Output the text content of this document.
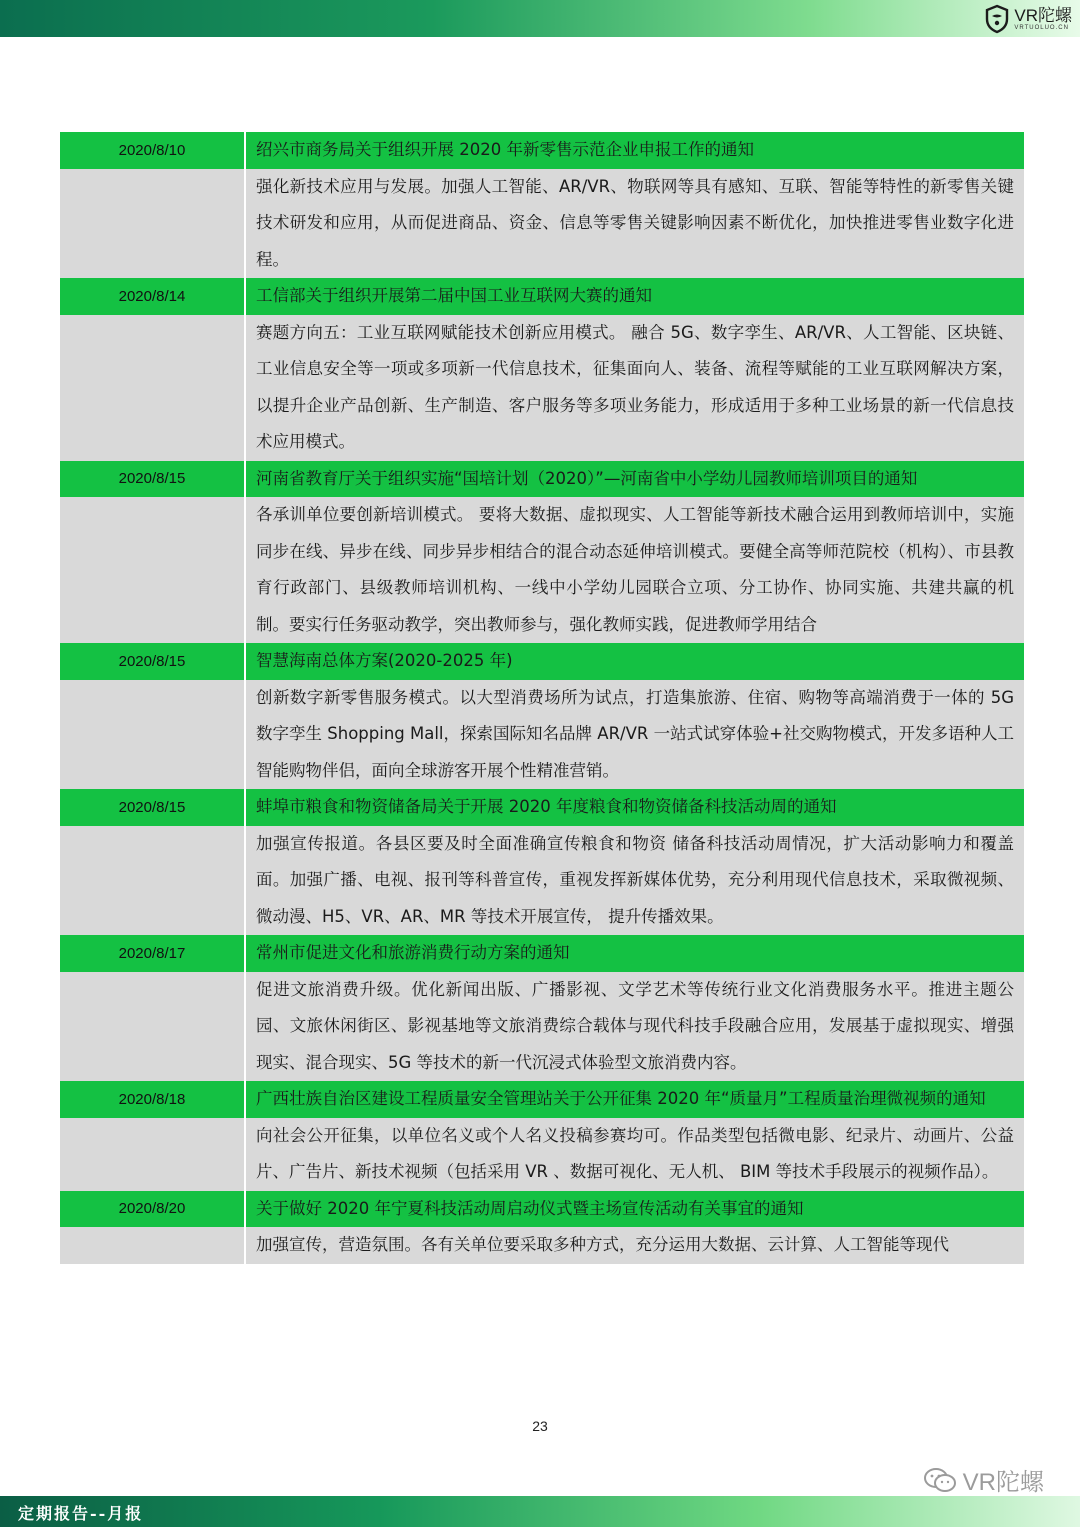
VR陀螺
VRTUOLUO.CN
2020/8/10	绍兴市商务局关于组织开展 2020 年新零售示范企业申报工作的通知
强化新技术应用与发展。加强人工智能、AR/VR、物联网等具有感知、互联、智能等特性的新零售关键技术研发和应用，从而促进商品、资金、信息等零售关键影响因素不断优化，加快推进零售业数字化进程。
2020/8/14	工信部关于组织开展第二届中国工业互联网大赛的通知
赛题方向五：工业互联网赋能技术创新应用模式。 融合 5G、数字孪生、AR/VR、人工智能、区块链、工业信息安全等一项或多项新一代信息技术，征集面向人、装备、流程等赋能的工业互联网解决方案，以提升企业产品创新、生产制造、客户服务等多项业务能力，形成适用于多种工业场景的新一代信息技术应用模式。
2020/8/15	河南省教育厅关于组织实施“国培计划（2020）”—河南省中小学幼儿园教师培训项目的通知
各承训单位要创新培训模式。 要将大数据、虚拟现实、人工智能等新技术融合运用到教师培训中，实施同步在线、异步在线、同步异步相结合的混合动态延伸培训模式。要健全高等师范院校（机构）、市县教育行政部门、县级教师培训机构、一线中小学幼儿园联合立项、分工协作、协同实施、共建共赢的机制。要实行任务驱动教学，突出教师参与，强化教师实践，促进教师学用结合
2020/8/15	智慧海南总体方案(2020-2025 年)
创新数字新零售服务模式。以大型消费场所为试点，打造集旅游、住宿、购物等高端消费于一体的 5G 数字孪生 Shopping Mall，探索国际知名品牌 AR/VR 一站式试穿体验+社交购物模式，开发多语种人工智能购物伴侣，面向全球游客开展个性精准营销。
2020/8/15	蚌埠市粮食和物资储备局关于开展 2020 年度粮食和物资储备科技活动周的通知
加强宣传报道。各县区要及时全面准确宣传粮食和物资 储备科技活动周情况，扩大活动影响力和覆盖面。加强广播、电视、报刊等科普宣传，重视发挥新媒体优势，充分利用现代信息技术，采取微视频、微动漫、H5、VR、AR、MR 等技术开展宣传， 提升传播效果。
2020/8/17	常州市促进文化和旅游消费行动方案的通知
促进文旅消费升级。优化新闻出版、广播影视、文学艺术等传统行业文化消费服务水平。推进主题公园、文旅休闲街区、影视基地等文旅消费综合载体与现代科技手段融合应用，发展基于虚拟现实、增强现实、混合现实、5G 等技术的新一代沉浸式体验型文旅消费内容。
2020/8/18	广西壮族自治区建设工程质量安全管理站关于公开征集 2020 年“质量月”工程质量治理微视频的通知
向社会公开征集，以单位名义或个人名义投稿参赛均可。作品类型包括微电影、纪录片、动画片、公益片、广告片、新技术视频（包括采用 VR 、数据可视化、无人机、 BIM 等技术手段展示的视频作品）。
2020/8/20	关于做好 2020 年宁夏科技活动周启动仪式暨主场宣传活动有关事宜的通知
加强宣传，营造氛围。各有关单位要采取多种方式，充分运用大数据、云计算、人工智能等现代
23
VR陀螺
定期报告--月报
